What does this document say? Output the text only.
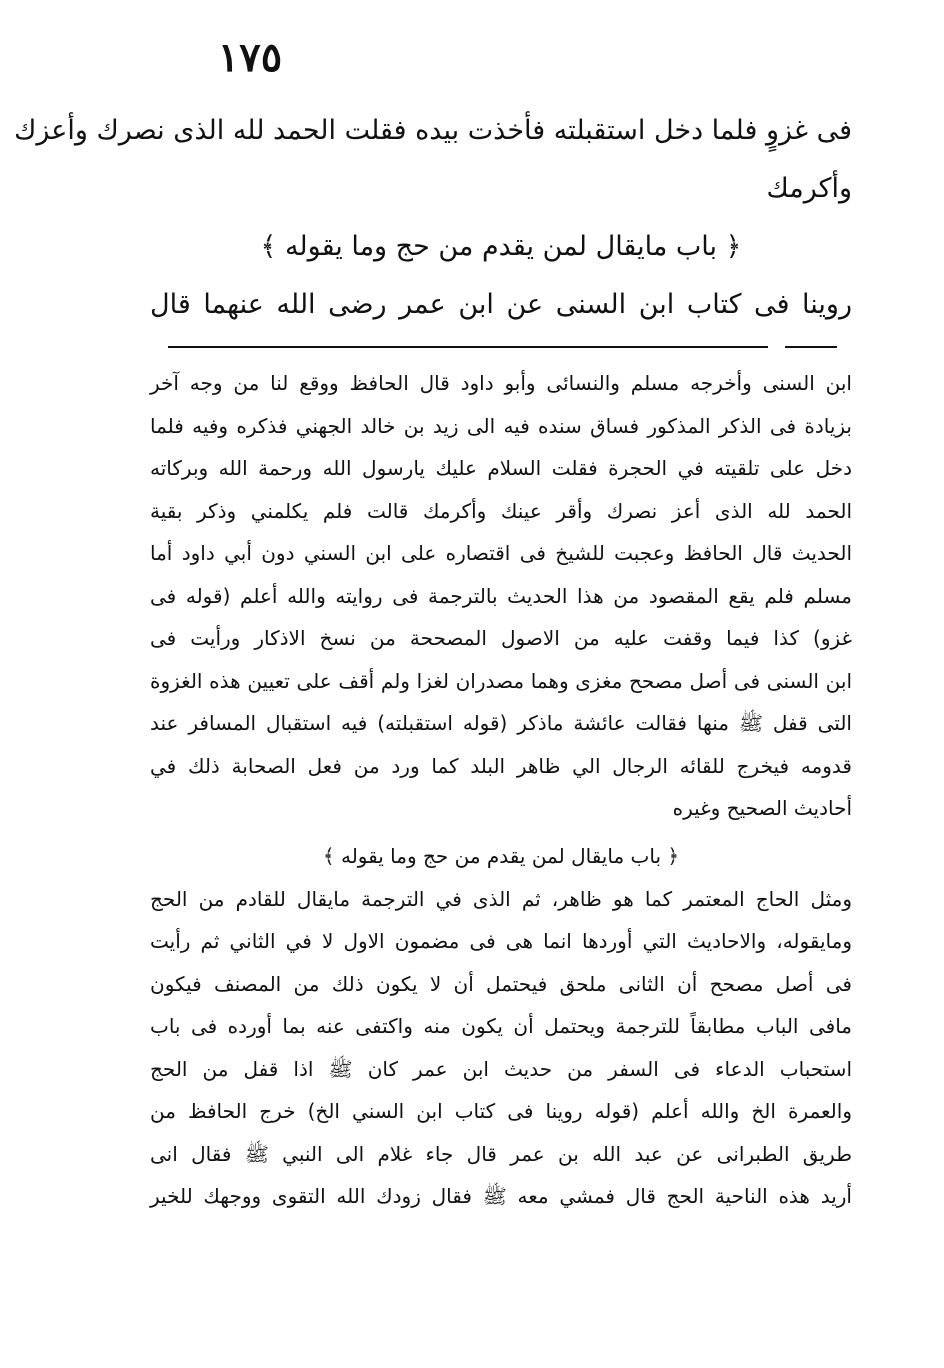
١٧٥
فى غزوٍ فلما دخل استقبلته فأخذت بيده فقلت الحمد لله الذى نصرك وأعزك
وأكرمك
﴿ باب مايقال لمن يقدم من حج وما يقوله ﴾
روينا فى كتاب ابن السنى عن ابن عمر رضى الله عنهما قال
ابن السنى وأخرجه مسلم والنسائى وأبو داود قال الحافظ ووقع لنا من وجه آخر
بزيادة فى الذكر المذكور فساق سنده فيه الى زيد بن خالد الجهني فذكره وفيه فلما
دخل على تلقيته في الحجرة فقلت السلام عليك يارسول الله ورحمة الله وبركاته
الحمد لله الذى أعز نصرك وأقر عينك وأكرمك قالت فلم يكلمني وذكر بقية
الحديث قال الحافظ وعجبت للشيخ فى اقتصاره على ابن السني دون أبي داود أما
مسلم فلم يقع المقصود من هذا الحديث بالترجمة فى روايته والله أعلم (قوله فى
غزو) كذا فيما وقفت عليه من الاصول المصححة من نسخ الاذكار ورأيت فى
ابن السنى فى أصل مصحح مغزى وهما مصدران لغزا ولم أقف على تعيين هذه الغزوة
التى قفل ﷺ منها فقالت عائشة ماذكر (قوله استقبلته) فيه استقبال المسافر عند
قدومه فيخرج للقائه الرجال الي ظاهر البلد كما ورد من فعل الصحابة ذلك في
أحاديث الصحيح وغيره
﴿ باب مايقال لمن يقدم من حج وما يقوله ﴾
ومثل الحاج المعتمر كما هو ظاهر، ثم الذى في الترجمة مايقال للقادم من الحج
ومايقوله، والاحاديث التي أوردها انما هى فى مضمون الاول لا في الثاني ثم رأيت
فى أصل مصحح أن الثانى ملحق فيحتمل أن لا يكون ذلك من المصنف فيكون
مافى الباب مطابقاً للترجمة ويحتمل أن يكون منه واكتفى عنه بما أورده فى باب
استحباب الدعاء فى السفر من حديث ابن عمر كان ﷺ اذا قفل من الحج
والعمرة الخ والله أعلم (قوله روينا فى كتاب ابن السني الخ) خرج الحافظ من
طريق الطبرانى عن عبد الله بن عمر قال جاء غلام الى النبي ﷺ فقال انى
أريد هذه الناحية الحج قال فمشي معه ﷺ فقال زودك الله التقوى ووجهك للخير
